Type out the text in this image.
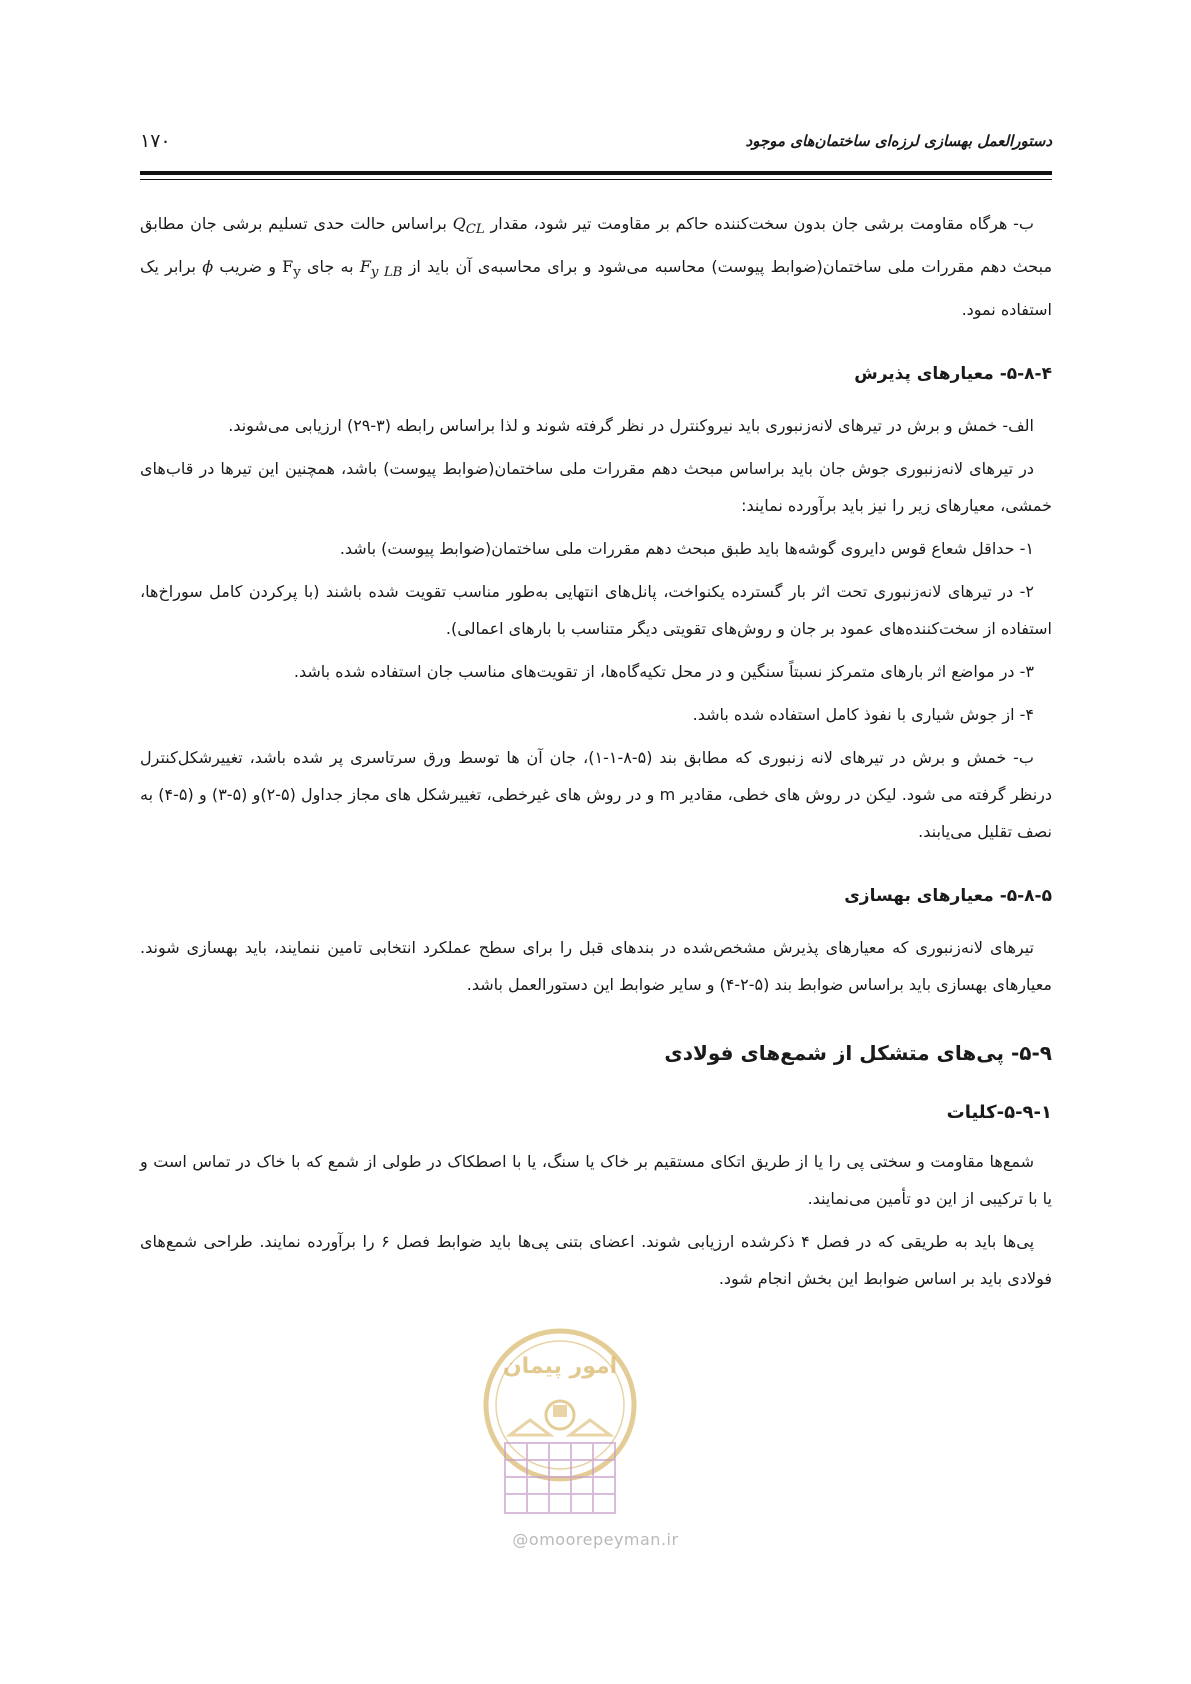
۱۷۰	دستورالعمل بهسازی لرزه‌ای ساختمان‌های موجود

ب- هرگاه مقاومت برشی جان بدون سخت‌کننده حاکم بر مقاومت تیر شود، مقدار $Q_{CL}$ براساس حالت حدی تسلیم برشی جان مطابق مبحث دهم مقررات ملی ساختمان(ضوابط پیوست) محاسبه می‌شود و برای محاسبه‌ی آن باید از $F_{y LB}$ به جای $F_y$ و ضریب ϕ برابر یک استفاده نمود.

۵-۸-۴- معیارهای پذیرش

الف- خمش و برش در تیرهای لانه‌زنبوری باید نیروکنترل در نظر گرفته شوند و لذا براساس رابطه (۳-۲۹) ارزیابی می‌شوند.

در تیرهای لانه‌زنبوری جوش جان باید براساس مبحث دهم مقررات ملی ساختمان(ضوابط پیوست) باشد، همچنین این تیرها در قاب‌های خمشی، معیارهای زیر را نیز باید برآورده نمایند:

۱- حداقل شعاع قوس دایروی گوشه‌ها باید طبق مبحث دهم مقررات ملی ساختمان(ضوابط پیوست) باشد.

۲- در تیرهای لانه‌زنبوری تحت اثر بار گسترده یکنواخت، پانل‌های انتهایی به‌طور مناسب تقویت شده باشند (با پرکردن کامل سوراخ‌ها، استفاده از سخت‌کننده‌های عمود بر جان و روش‌های تقویتی دیگر متناسب با بارهای اعمالی).

۳- در مواضع اثر بارهای متمرکز نسبتاً سنگین و در محل تکیه‌گاه‌ها، از تقویت‌های مناسب جان استفاده شده باشد.

۴- از جوش شیاری با نفوذ کامل استفاده شده باشد.

ب- خمش و برش در تیرهای لانه زنبوری که مطابق بند (۵-۸-۱-۱)، جان آن ها توسط ورق سرتاسری پر شده باشد، تغییرشکل‌کنترل درنظر گرفته می شود. لیکن در روش های خطی، مقادیر m و در روش های غیرخطی، تغییرشکل های مجاز جداول (۵-۲)و (۵-۳) و (۵-۴) به نصف تقلیل می‌یابند.

۵-۸-۵- معیارهای بهسازی

تیرهای لانه‌زنبوری که معیارهای پذیرش مشخص‌شده در بندهای قبل را برای سطح عملکرد انتخابی تامین ننمایند، باید بهسازی شوند. معیارهای بهسازی باید براساس ضوابط بند (۵-۲-۴) و سایر ضوابط این دستورالعمل باشد.

۵-۹- پی‌های متشکل از شمع‌های فولادی
۵-۹-۱-کلیات

شمع‌ها مقاومت و سختی پی را یا از طریق اتکای مستقیم بر خاک یا سنگ، یا با اصطکاک در طولی از شمع که با خاک در تماس است و یا با ترکیبی از این دو تأمین می‌نمایند.

پی‌ها باید به طریقی که در فصل ۴ ذکرشده ارزیابی شوند. اعضای بتنی پی‌ها باید ضوابط فصل ۶ را برآورده نمایند. طراحی شمع‌های فولادی باید بر اساس ضوابط این بخش انجام شود.

امور پیمان
@omoorepeyman.ir
